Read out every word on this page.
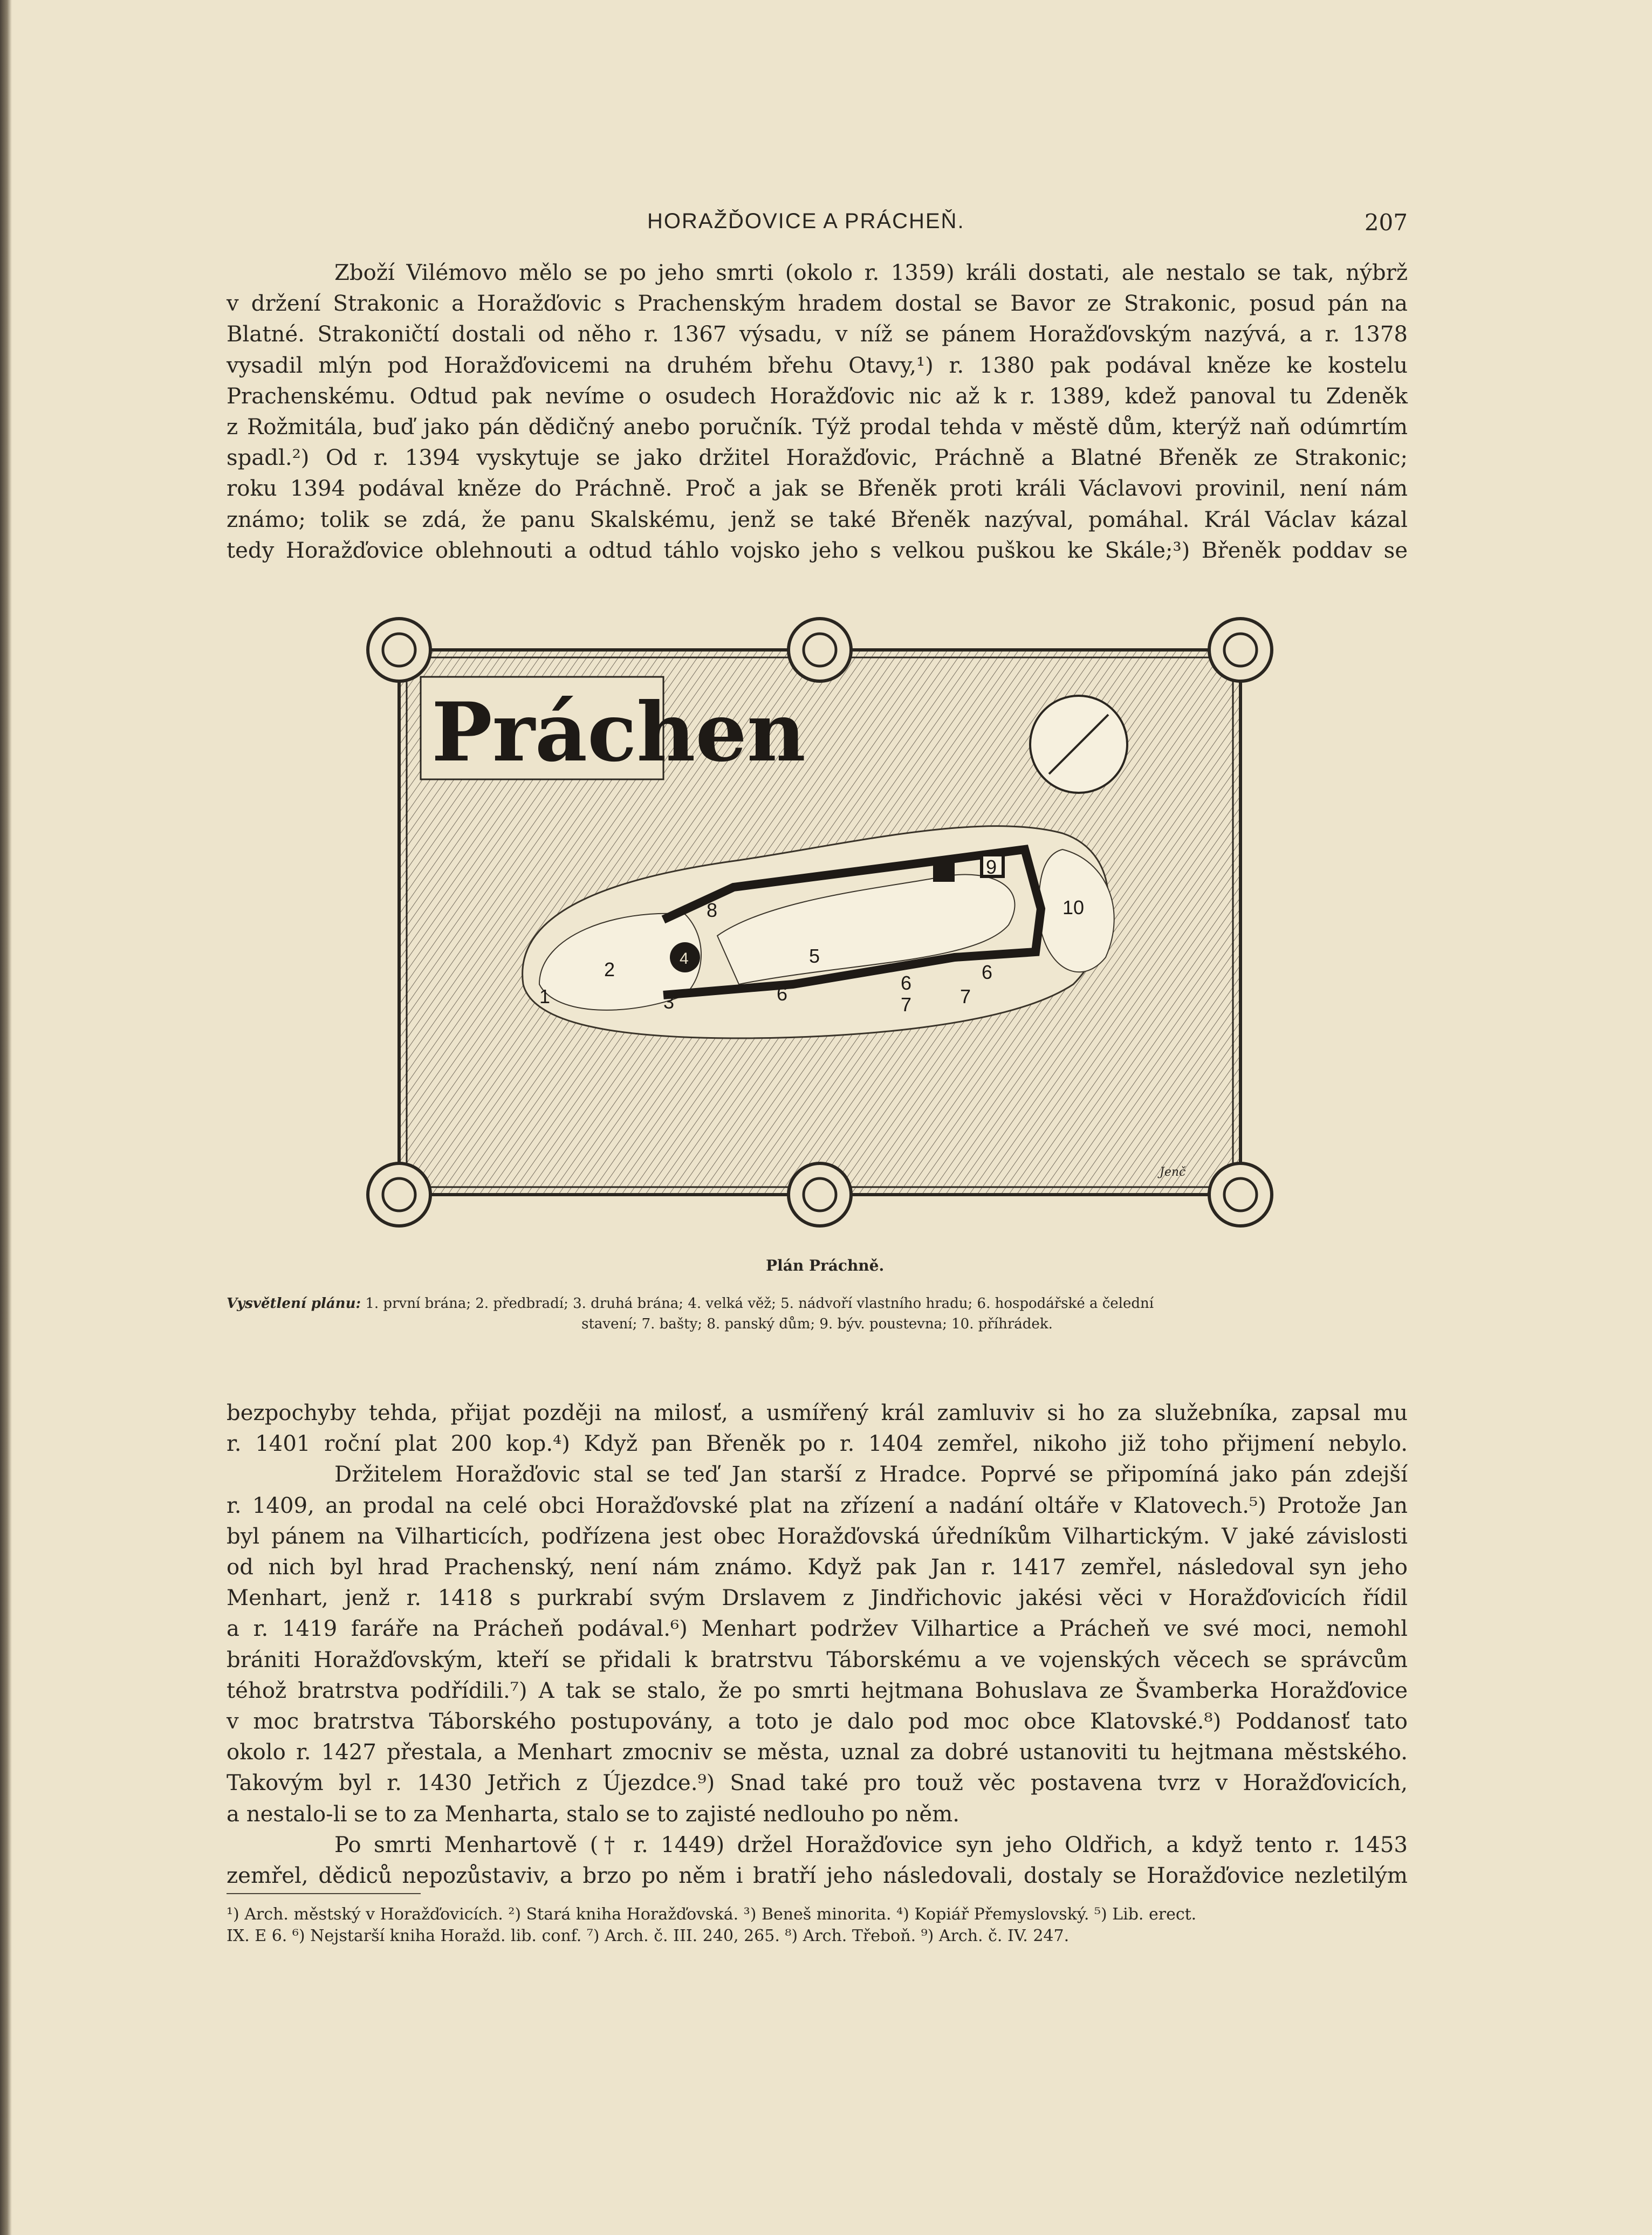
HORAŽĎOVICE A PRÁCHEŇ.	207

Zboží Vilémovo mělo se po jeho smrti (okolo r. 1359) králi dostati, ale nestalo se tak, nýbrž

v držení Strakonic a Horažďovic s Prachenským hradem dostal se Bavor ze Strakonic, posud pán na

Blatné. Strakoničtí dostali od něho r. 1367 výsadu, v níž se pánem Horažďovským nazývá, a r. 1378

vysadil mlýn pod Horažďovicemi na druhém břehu Otavy,¹) r. 1380 pak podával kněze ke kostelu

Prachenskému. Odtud pak nevíme o osudech Horažďovic nic až k r. 1389, kdež panoval tu Zdeněk

z Rožmitála, buď jako pán dědičný anebo poručník. Týž prodal tehda v městě dům, kterýž naň odúmrtím

spadl.²) Od r. 1394 vyskytuje se jako držitel Horažďovic, Práchně a Blatné Břeněk ze Strakonic;

roku 1394 podával kněze do Práchně. Proč a jak se Břeněk proti králi Václavovi provinil, není nám

známo; tolik se zdá, že panu Skalskému, jenž se také Břeněk nazýval, pomáhal. Král Václav kázal

tedy Horažďovice oblehnouti a odtud táhlo vojsko jeho s velkou puškou ke Skále;³) Břeněk poddav se

1
2
3
4	5
6	6	6
7 7
8
8 9
10
Práchen
Jenč
Plán Práchně.
Vysvětlení plánu: 1. první brána; 2. předbradí; 3. druhá brána; 4. velká věž; 5. nádvoří vlastního hradu; 6. hospodářské a čelední
stavení; 7. bašty; 8. panský dům; 9. býv. poustevna; 10. příhrádek.

bezpochyby tehda, přijat později na milosť, a usmířený král zamluviv si ho za služebníka, zapsal mu

r. 1401 roční plat 200 kop.⁴) Když pan Břeněk po r. 1404 zemřel, nikoho již toho přijmení nebylo.

Držitelem Horažďovic stal se teď Jan starší z Hradce. Poprvé se připomíná jako pán zdejší

r. 1409, an prodal na celé obci Horažďovské plat na zřízení a nadání oltáře v Klatovech.⁵) Protože Jan

byl pánem na Vilharticích, podřízena jest obec Horažďovská úředníkům Vilhartickým. V jaké závislosti

od nich byl hrad Prachenský, není nám známo. Když pak Jan r. 1417 zemřel, následoval syn jeho

Menhart, jenž r. 1418 s purkrabí svým Drslavem z Jindřichovic jakési věci v Horažďovicích řídil

a r. 1419 faráře na Prácheň podával.⁶) Menhart podržev Vilhartice a Prácheň ve své moci, nemohl

brániti Horažďovským, kteří se přidali k bratrstvu Táborskému a ve vojenských věcech se správcům

téhož bratrstva podřídili.⁷) A tak se stalo, že po smrti hejtmana Bohuslava ze Švamberka Horažďovice

v moc bratrstva Táborského postupovány, a toto je dalo pod moc obce Klatovské.⁸) Poddanosť tato

okolo r. 1427 přestala, a Menhart zmocniv se města, uznal za dobré ustanoviti tu hejtmana městského.

Takovým byl r. 1430 Jetřich z Újezdce.⁹) Snad také pro touž věc postavena tvrz v Horažďovicích,

a nestalo-li se to za Menharta, stalo se to zajisté nedlouho po něm.

Po smrti Menhartově († r. 1449) držel Horažďovice syn jeho Oldřich, a když tento r. 1453

zemřel, dědiců nepozůstaviv, a brzo po něm i bratří jeho následovali, dostaly se Horažďovice nezletilým

¹) Arch. městský v Horažďovicích. ²) Stará kniha Horažďovská. ³) Beneš minorita. ⁴) Kopiář Přemyslovský. ⁵) Lib. erect.
IX. E 6. ⁶) Nejstarší kniha Horažd. lib. conf. ⁷) Arch. č. III. 240, 265. ⁸) Arch. Třeboň. ⁹) Arch. č. IV. 247.
